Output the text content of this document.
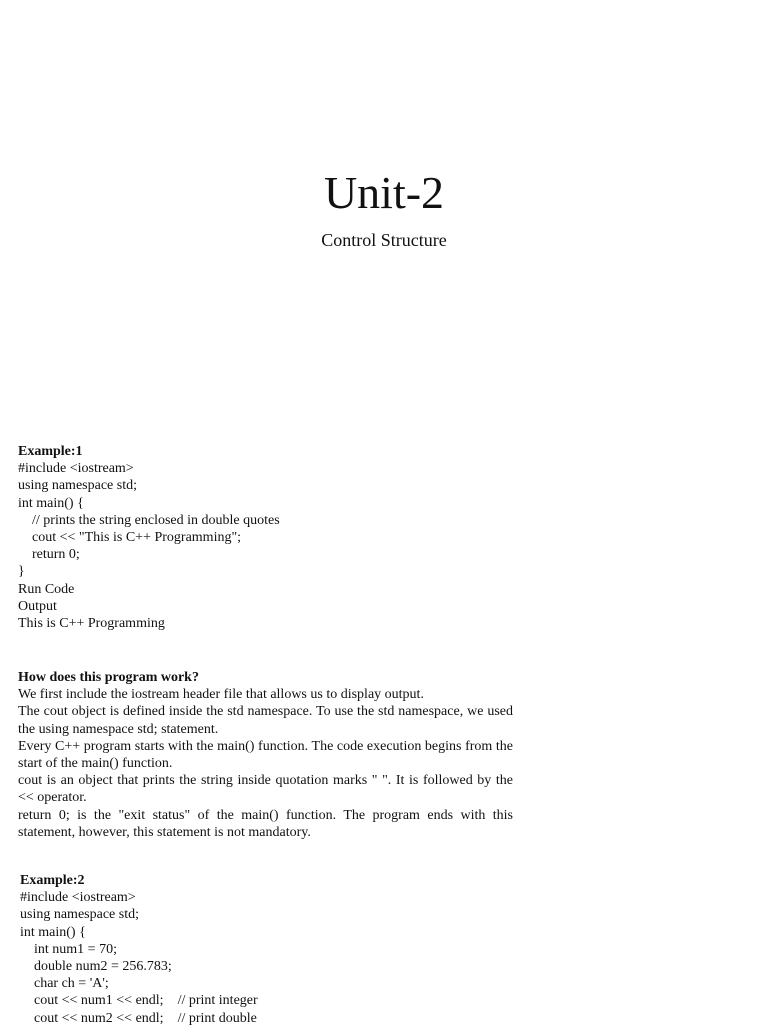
Unit-2
Control Structure
Example:1
#include <iostream>
using namespace std;
int main() {
// prints the string enclosed in double quotes
cout << "This is C++ Programming";
return 0;
}
Run Code
Output
This is C++ Programming
How does this program work?
We first include the iostream header file that allows us to display output.
The cout object is defined inside the std namespace. To use the std namespace, we used the using namespace std; statement.
Every C++ program starts with the main() function. The code execution begins from the start of the main() function.
cout is an object that prints the string inside quotation marks " ". It is followed by the << operator.
return 0; is the "exit status" of the main() function. The program ends with this statement, however, this statement is not mandatory.
Example:2
#include <iostream>
using namespace std;
int main() {
int num1 = 70;
double num2 = 256.783;
char ch = 'A';
cout << num1 << endl;    // print integer
cout << num2 << endl;    // print double
